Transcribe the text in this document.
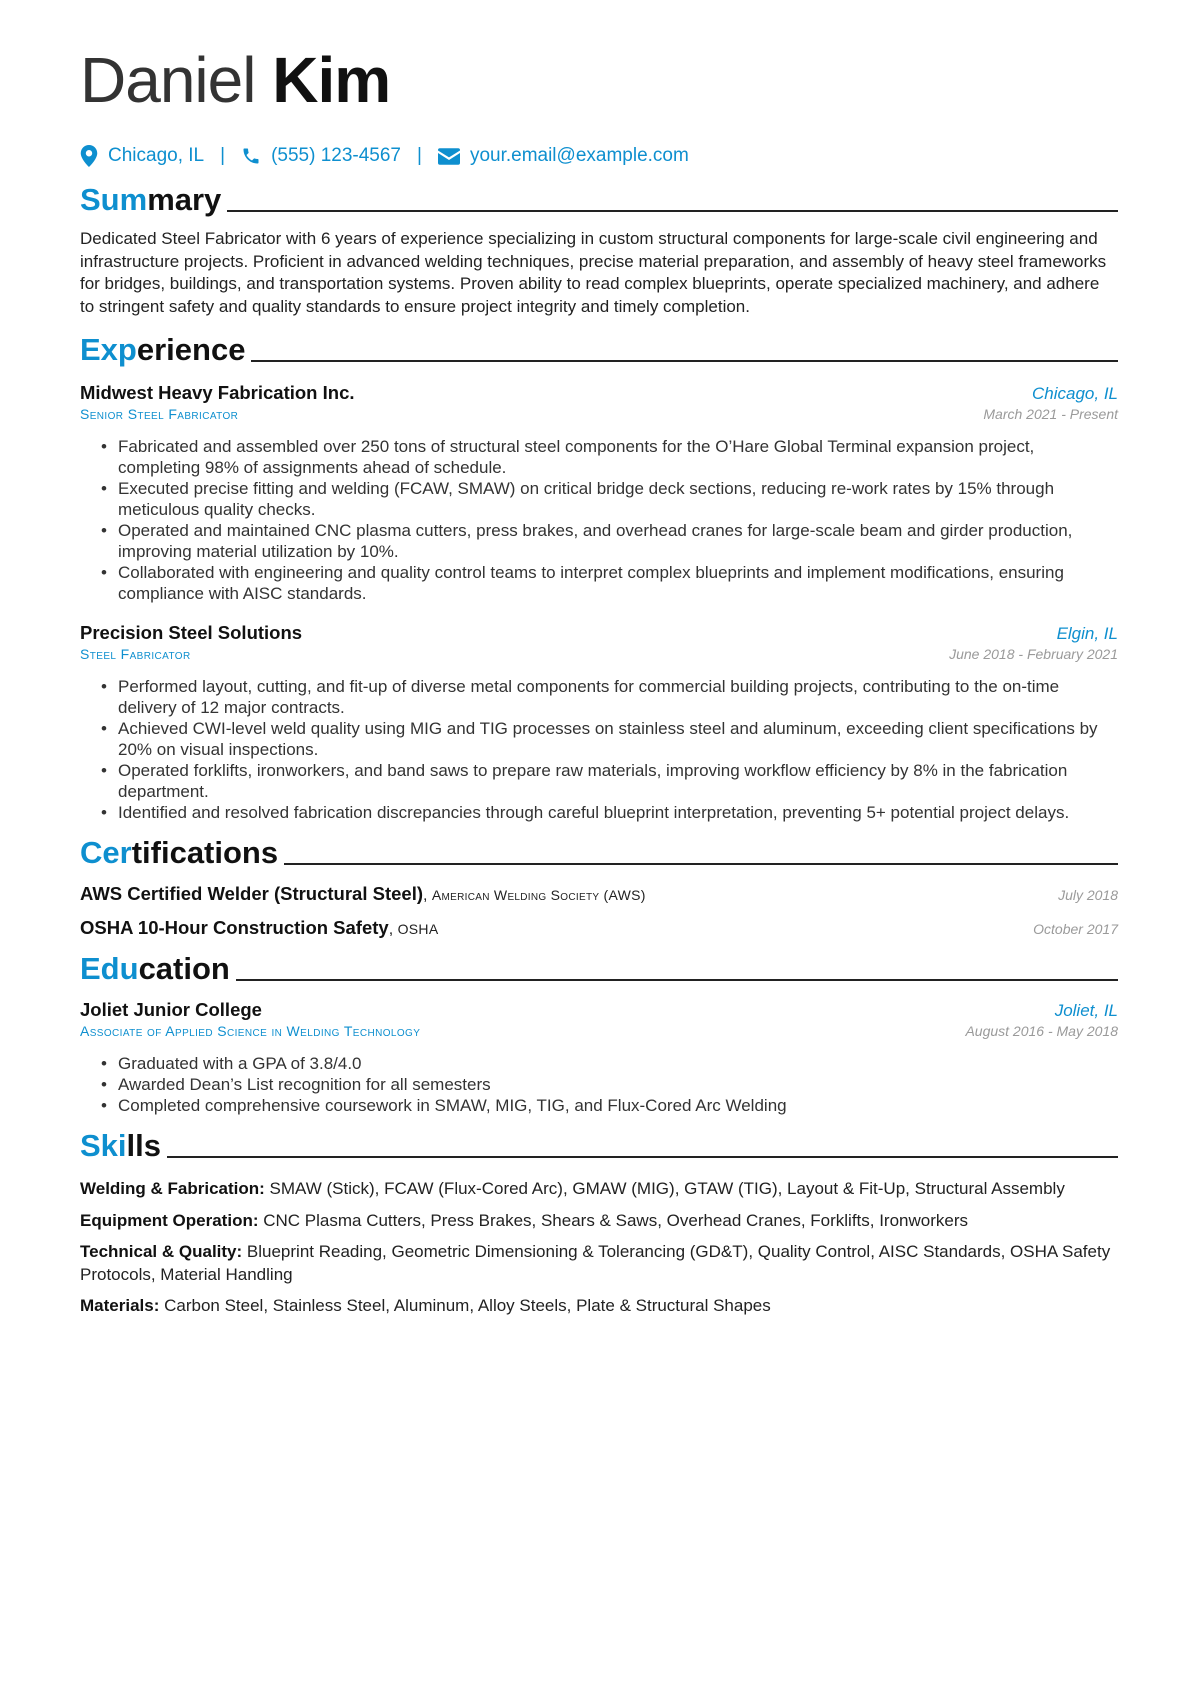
Daniel Kim
Chicago, IL | (555) 123-4567 |	your.email@example.com
Summary
Dedicated Steel Fabricator with 6 years of experience specializing in custom structural components for large-scale civil engineering and infrastructure projects. Proficient in advanced welding techniques, precise material preparation, and assembly of heavy steel frameworks for bridges, buildings, and transportation systems. Proven ability to read complex blueprints, operate specialized machinery, and adhere to stringent safety and quality standards to ensure project integrity and timely completion.
Experience
Midwest Heavy Fabrication Inc.	Chicago, IL
Senior Steel Fabricator	March 2021 - Present
• Fabricated and assembled over 250 tons of structural steel components for the O’Hare Global Terminal expansion project, completing 98% of assignments ahead of schedule.
• Executed precise fitting and welding (FCAW, SMAW) on critical bridge deck sections, reducing re-work rates by 15% through meticulous quality checks.
• Operated and maintained CNC plasma cutters, press brakes, and overhead cranes for large-scale beam and girder production, improving material utilization by 10%.
• Collaborated with engineering and quality control teams to interpret complex blueprints and implement modifications, ensuring compliance with AISC standards.
Precision Steel Solutions	Elgin, IL
Steel Fabricator	June 2018 - February 2021
• Performed layout, cutting, and fit-up of diverse metal components for commercial building projects, contributing to the on-time delivery of 12 major contracts.
• Achieved CWI-level weld quality using MIG and TIG processes on stainless steel and aluminum, exceeding client specifications by 20% on visual inspections.
• Operated forklifts, ironworkers, and band saws to prepare raw materials, improving workflow efficiency by 8% in the fabrication department.
• Identified and resolved fabrication discrepancies through careful blueprint interpretation, preventing 5+ potential project delays.
Certifications
AWS Certified Welder (Structural Steel), American Welding Society (AWS)	July 2018
OSHA 10-Hour Construction Safety, OSHA	October 2017
Education
Joliet Junior College	Joliet, IL
Associate of Applied Science in Welding Technology	August 2016 - May 2018
• Graduated with a GPA of 3.8/4.0
• Awarded Dean’s List recognition for all semesters
• Completed comprehensive coursework in SMAW, MIG, TIG, and Flux-Cored Arc Welding
Skills
Welding & Fabrication: SMAW (Stick), FCAW (Flux-Cored Arc), GMAW (MIG), GTAW (TIG), Layout & Fit-Up, Structural Assembly
Equipment Operation: CNC Plasma Cutters, Press Brakes, Shears & Saws, Overhead Cranes, Forklifts, Ironworkers
Technical & Quality: Blueprint Reading, Geometric Dimensioning & Tolerancing (GD&T), Quality Control, AISC Standards, OSHA Safety Protocols, Material Handling
Materials: Carbon Steel, Stainless Steel, Aluminum, Alloy Steels, Plate & Structural Shapes
